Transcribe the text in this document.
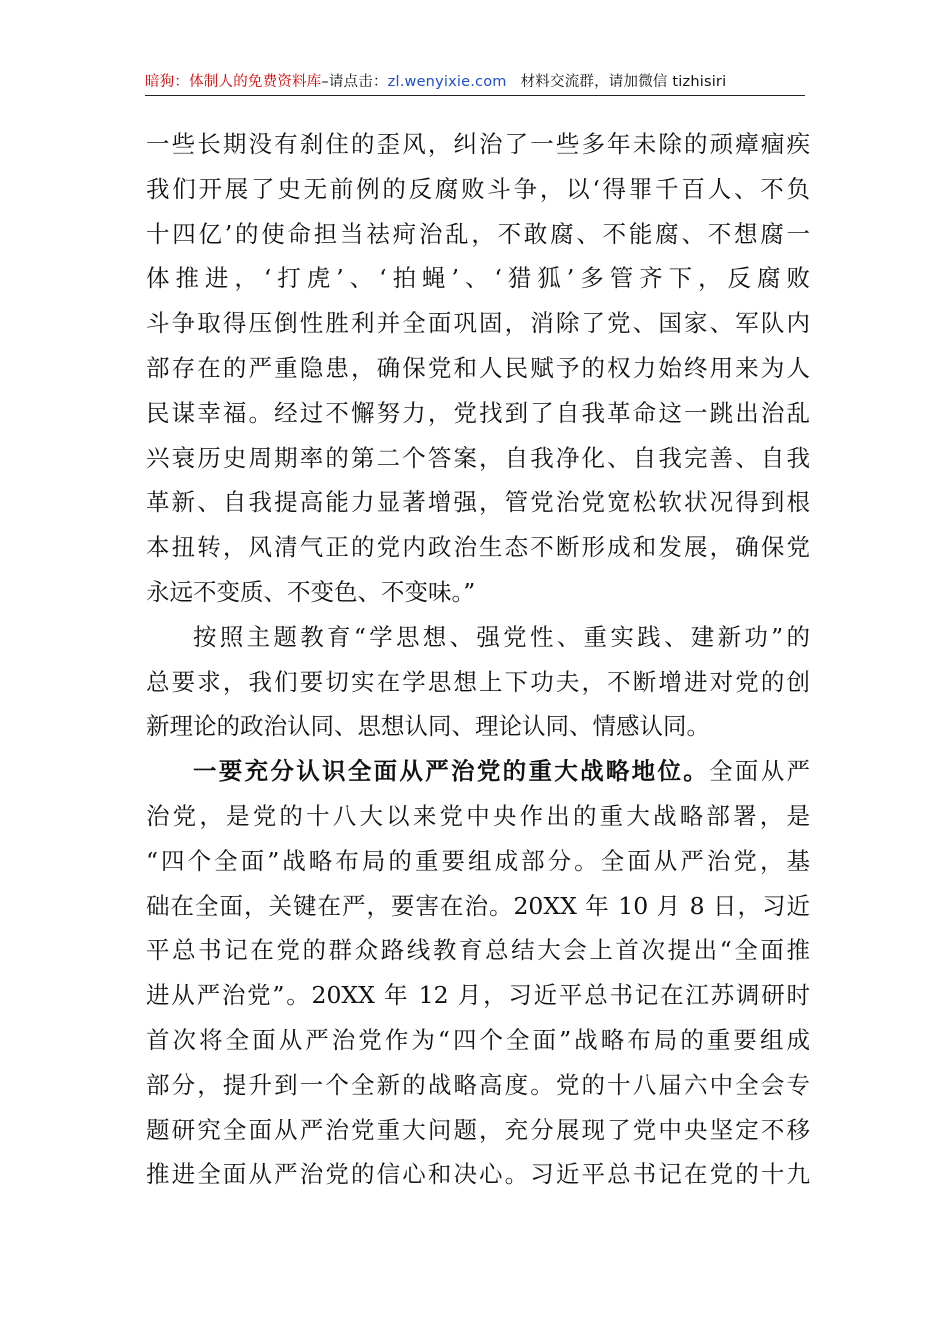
暗狗：体制人的免费资料库–请点击：zl.wenyixie.com 材料交流群，请加微信 tizhisiri
一些长期没有刹住的歪风，纠治了一些多年未除的顽瘴痼疾
我们开展了史无前例的反腐败斗争，以‘得罪千百人、不负
十四亿’的使命担当祛疴治乱，不敢腐、不能腐、不想腐一
体推进，‘打虎’、‘拍蝇’、‘猎狐’多管齐下，反腐败
斗争取得压倒性胜利并全面巩固，消除了党、国家、军队内
部存在的严重隐患，确保党和人民赋予的权力始终用来为人
民谋幸福。经过不懈努力，党找到了自我革命这一跳出治乱
兴衰历史周期率的第二个答案，自我净化、自我完善、自我
革新、自我提高能力显著增强，管党治党宽松软状况得到根
本扭转，风清气正的党内政治生态不断形成和发展，确保党
永远不变质、不变色、不变味。”
按照主题教育“学思想、强党性、重实践、建新功”的
总要求，我们要切实在学思想上下功夫，不断增进对党的创
新理论的政治认同、思想认同、理论认同、情感认同。
一要充分认识全面从严治党的重大战略地位。全面从严
治党，是党的十八大以来党中央作出的重大战略部署，是
“四个全面”战略布局的重要组成部分。全面从严治党，基
础在全面，关键在严，要害在治。20XX 年 10 月 8 日，习近
平总书记在党的群众路线教育总结大会上首次提出“全面推
进从严治党”。20XX 年 12 月，习近平总书记在江苏调研时
首次将全面从严治党作为“四个全面”战略布局的重要组成
部分，提升到一个全新的战略高度。党的十八届六中全会专
题研究全面从严治党重大问题，充分展现了党中央坚定不移
推进全面从严治党的信心和决心。习近平总书记在党的十九
